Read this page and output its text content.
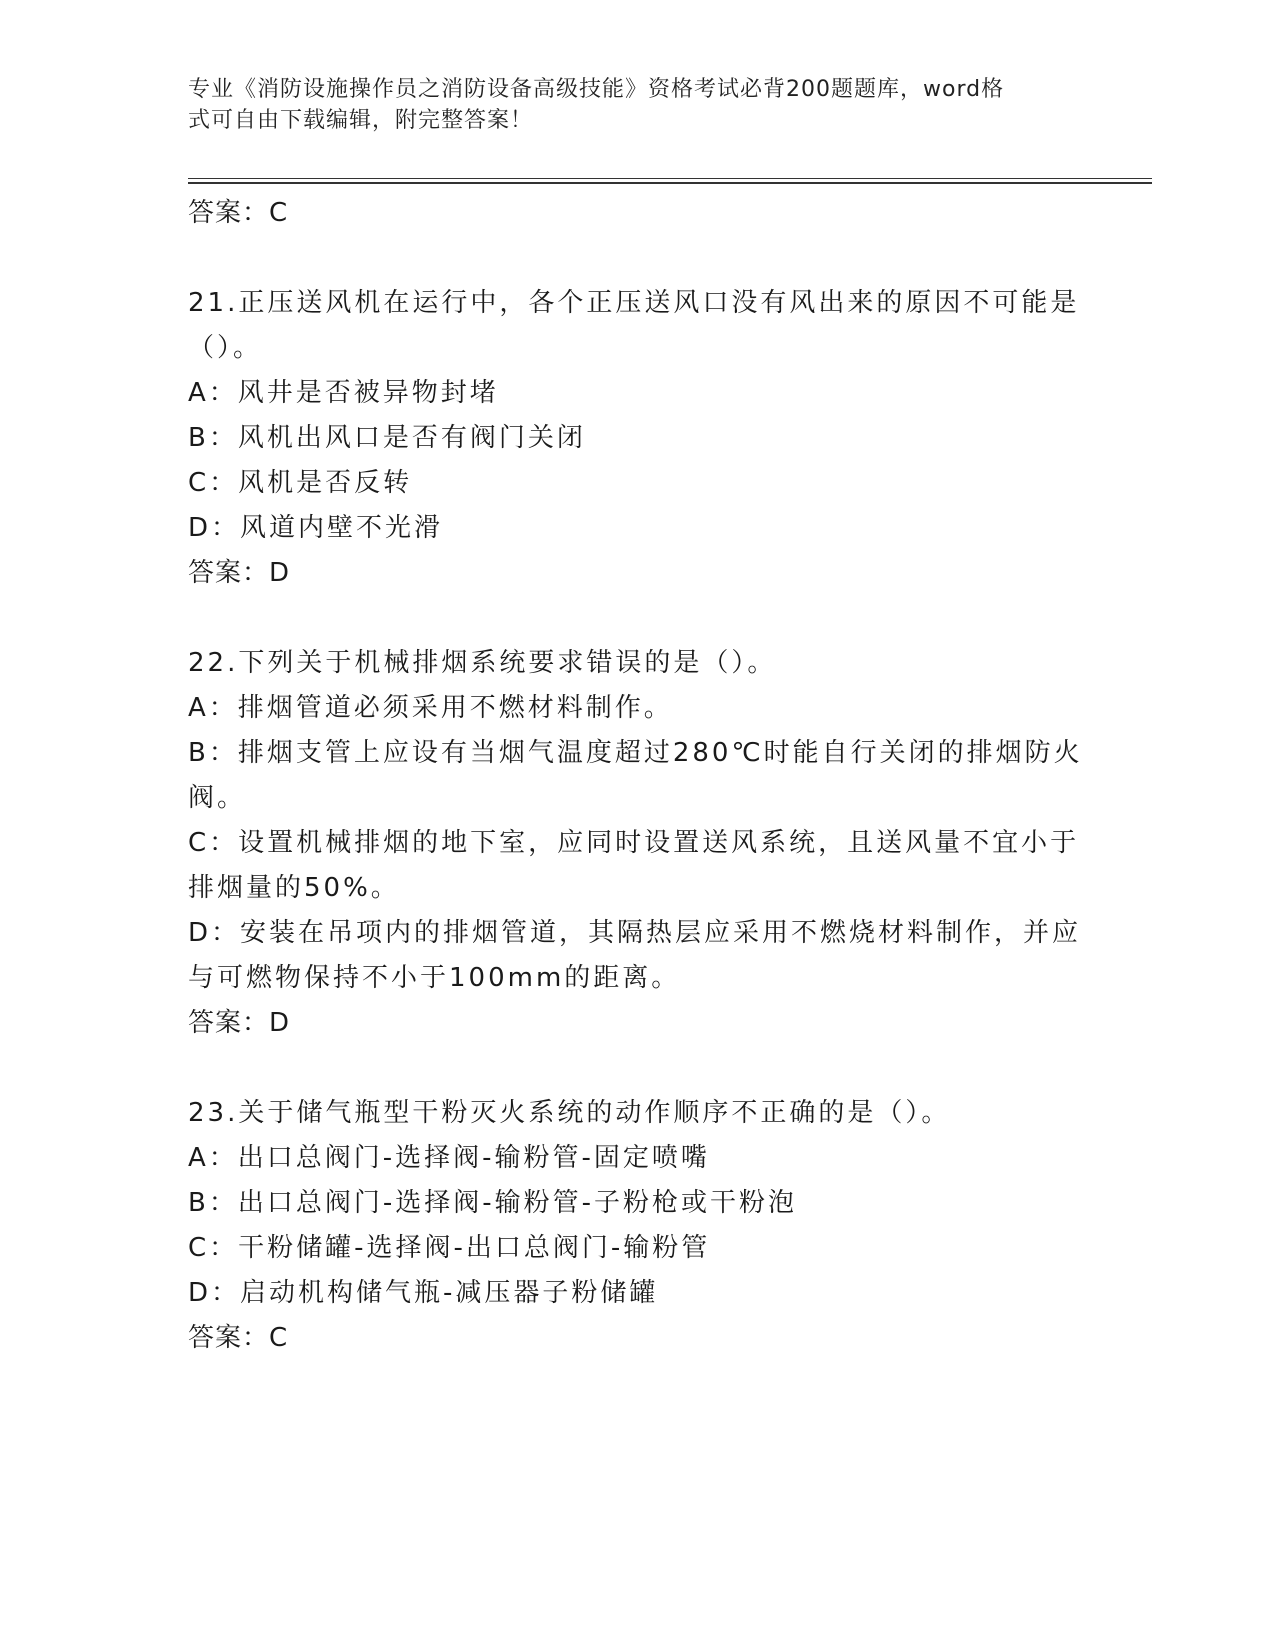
专业《消防设施操作员之消防设备高级技能》资格考试必背200题题库，word格
式可自由下载编辑，附完整答案！
答案：C
21.正压送风机在运行中，各个正压送风口没有风出来的原因不可能是
（）。
A：风井是否被异物封堵
B：风机出风口是否有阀门关闭
C：风机是否反转
D：风道内壁不光滑
答案：D
22.下列关于机械排烟系统要求错误的是（）。
A：排烟管道必须采用不燃材料制作。
B：排烟支管上应设有当烟气温度超过280℃时能自行关闭的排烟防火
阀。
C：设置机械排烟的地下室，应同时设置送风系统，且送风量不宜小于
排烟量的50%。
D：安装在吊项内的排烟管道，其隔热层应采用不燃烧材料制作，并应
与可燃物保持不小于100mm的距离。
答案：D
23.关于储气瓶型干粉灭火系统的动作顺序不正确的是（）。
A：出口总阀门-选择阀-输粉管-固定喷嘴
B：出口总阀门-选择阀-输粉管-子粉枪或干粉泡
C：干粉储罐-选择阀-出口总阀门-输粉管
D：启动机构储气瓶-减压器子粉储罐
答案：C
